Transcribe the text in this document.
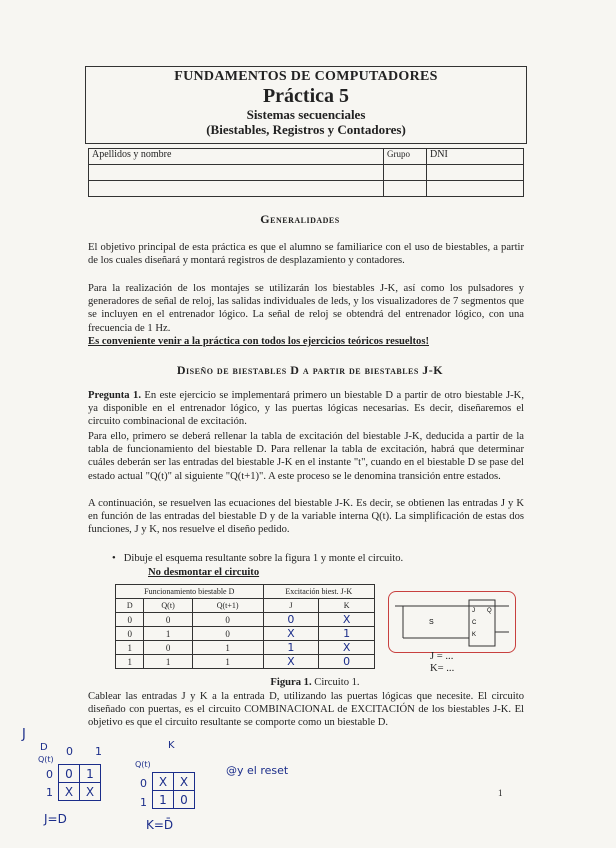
FUNDAMENTOS DE COMPUTADORES
Práctica 5
Sistemas secuenciales
(Biestables, Registros y Contadores)
Apellidos y nombre	Grupo	DNI

Generalidades
El objetivo principal de esta práctica es que el alumno se familiarice con el uso de biestables, a partir de los cuales diseñará y montará registros de desplazamiento y contadores.
Para la realización de los montajes se utilizarán los biestables J-K, así como los pulsadores y generadores de señal de reloj, las salidas individuales de leds, y los visualizadores de 7 segmentos que se incluyen en el entrenador lógico. La señal de reloj se obtendrá del entrenador lógico, con una frecuencia de 1 Hz.
Es conveniente venir a la práctica con todos los ejercicios teóricos resueltos!
Diseño de biestables D a partir de biestables J-K
Pregunta 1. En este ejercicio se implementará primero un biestable D a partir de otro biestable J-K, ya disponible en el entrenador lógico, y las puertas lógicas necesarias. Es decir, diseñaremos el circuito combinacional de excitación.
Para ello, primero se deberá rellenar la tabla de excitación del biestable J-K, deducida a partir de la tabla de funcionamiento del biestable D. Para rellenar la tabla de excitación, habrá que determinar cuáles deberán ser las entradas del biestable J-K en el instante "t", cuando en el biestable D se pase del estado actual "Q(t)" al siguiente "Q(t+1)". A este proceso se le denomina transición entre estados.
A continuación, se resuelven las ecuaciones del biestable J-K. Es decir, se obtienen las entradas J y K en función de las entradas del biestable D y de la variable interna Q(t). La simplificación de estas dos funciones, J y K, nos resuelve el diseño pedido.
• Dibuje el esquema resultante sobre la figura 1 y monte el circuito.
No desmontar el circuito
Funcionamiento biestable D			Excitación biest. J-K	
D	Q(t)	Q(t+1)	J	K
0	0	0	0	X
0	1	0	X	1
1	0	1	1	X
1	1	1	X	0
S
J
C
K
Q
J = ...
K= ...
Figura 1. Circuito 1.
Cablear las entradas J y K a la entrada D, utilizando las puertas lógicas que necesite. El circuito diseñado con puertas, es el circuito COMBINACIONAL de EXCITACIÓN de los biestables J-K. El objetivo es que el circuito resultante se comporte como un biestable D.
J
D 0 1
Q(t)
0
1
0	1
X	X
J=D
K
Q(t)
0
1
X	X
1	0
K=D̄
@y el reset
1
